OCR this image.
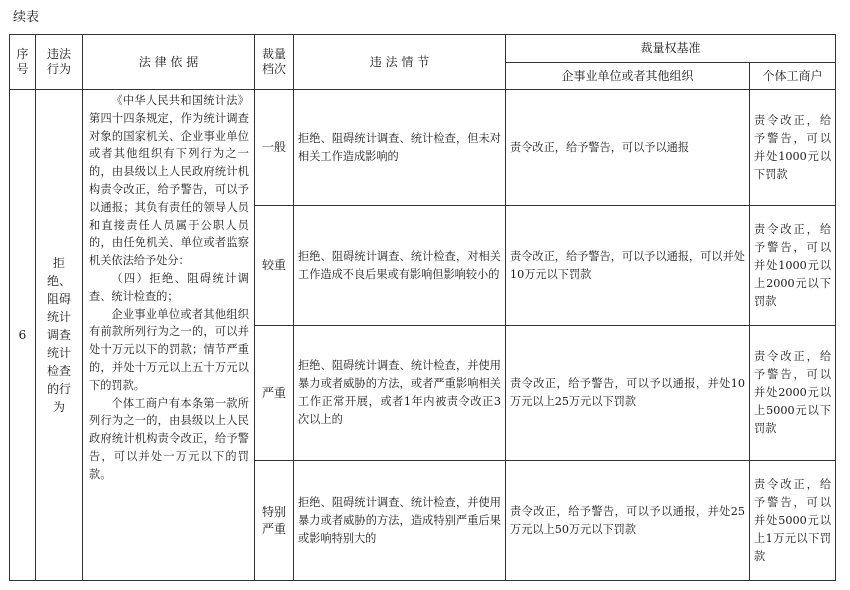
续表
序号	违法行为	法 律 依 据	裁量档次	违 法 情 节	裁量权基准	
					企事业单位或者其他组织	个体工商户
6	拒绝、阻碍统计调查统计检查的行为	《中华人民共和国统计法》第四十四条规定，作为统计调查对象的国家机关、企业事业单位或者其他组织有下列行为之一的，由县级以上人民政府统计机构责令改正，给予警告，可以予以通报；其负有责任的领导人员和直接责任人员属于公职人员的，由任免机关、单位或者监察机关依法给予处分：

（四）拒绝、阻碍统计调查、统计检查的；

企业事业单位或者其他组织有前款所列行为之一的，可以并处十万元以下的罚款；情节严重的，并处十万元以上五十万元以下的罚款。

个体工商户有本条第一款所列行为之一的，由县级以上人民政府统计机构责令改正，给予警告，可以并处一万元以下的罚款。	一般	拒绝、阻碍统计调查、统计检查，但未对相关工作造成影响的	责令改正，给予警告，可以予以通报	责令改正，给予警告，可以并处1000元以下罚款
			较重	拒绝、阻碍统计调查、统计检查，对相关工作造成不良后果或有影响但影响较小的	责令改正，给予警告，可以予以通报，可以并处10万元以下罚款	责令改正，给予警告，可以并处1000元以上2000元以下罚款
			严重	拒绝、阻碍统计调查、统计检查，并使用暴力或者威胁的方法，或者严重影响相关工作正常开展，或者1年内被责令改正3次以上的	责令改正，给予警告，可以予以通报，并处10万元以上25万元以下罚款	责令改正，给予警告，可以并处2000元以上5000元以下罚款
			特别严重	拒绝、阻碍统计调查、统计检查，并使用暴力或者威胁的方法，造成特别严重后果或影响特别大的	责令改正，给予警告，可以予以通报，并处25万元以上50万元以下罚款	责令改正，给予警告，可以并处5000元以上1万元以下罚款
